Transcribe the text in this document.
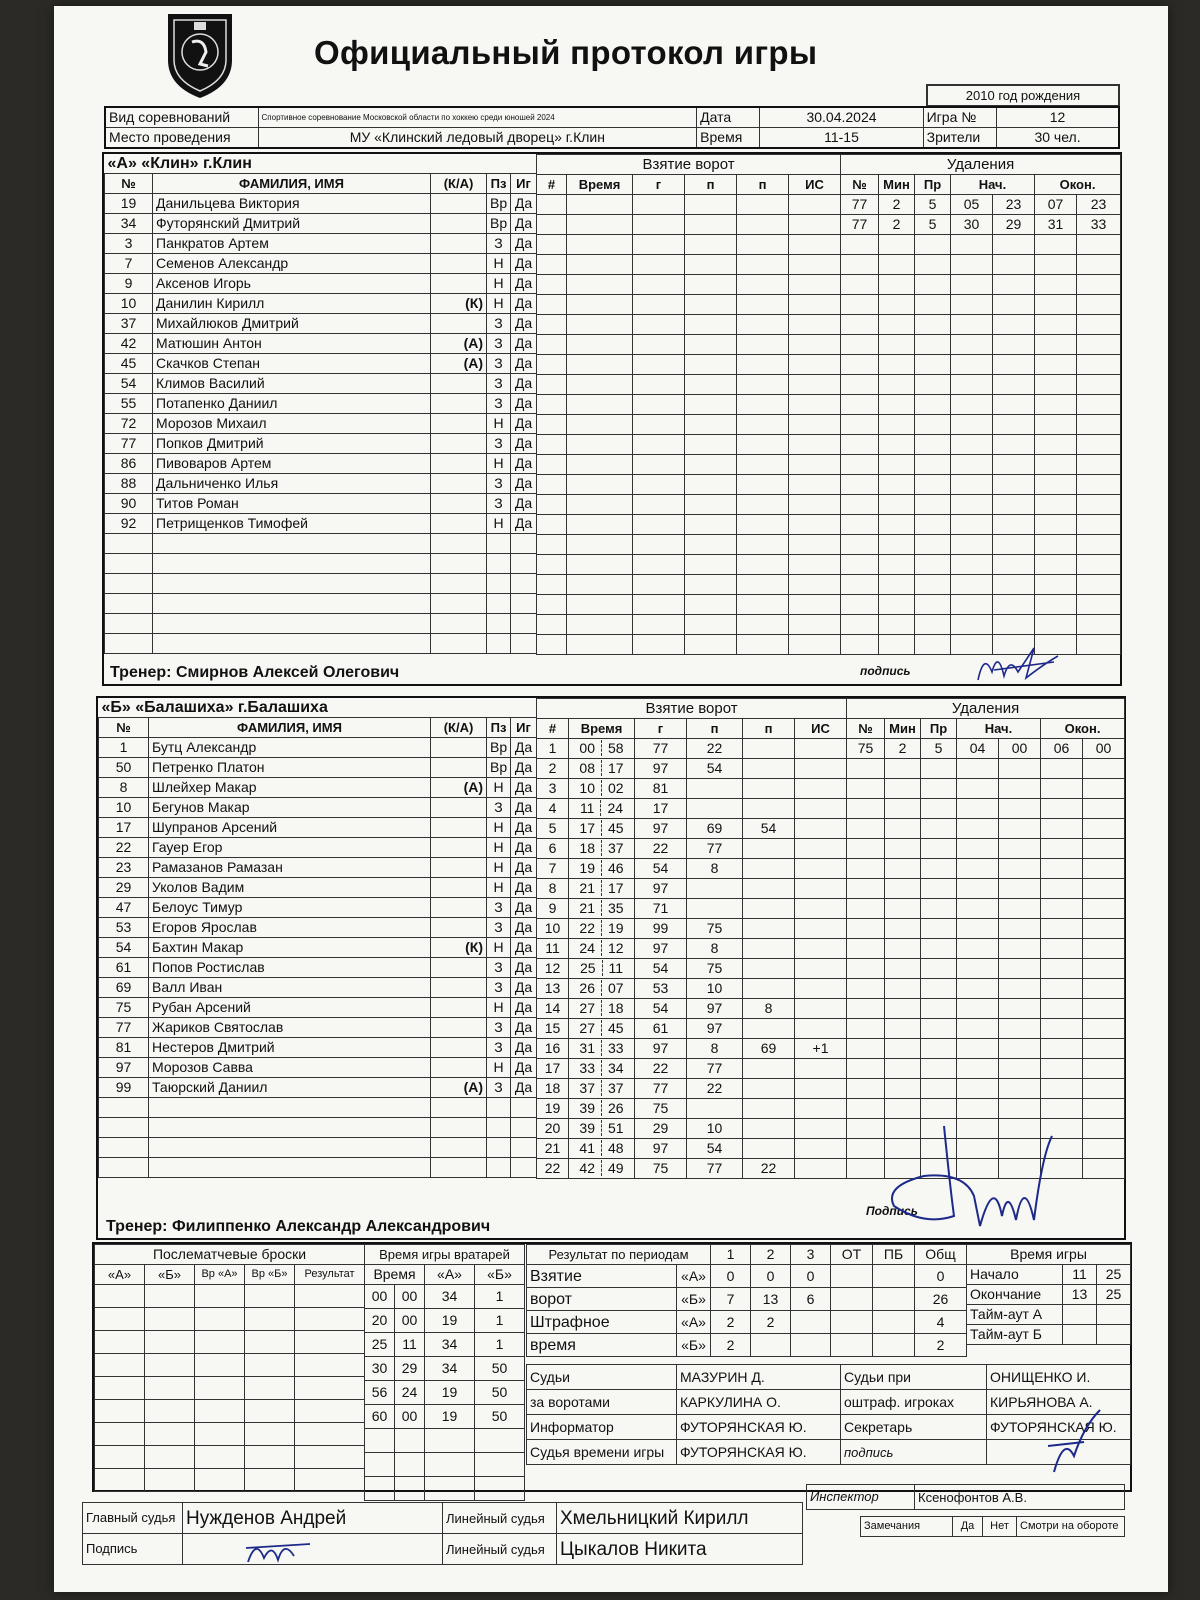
Официальный протокол игры
2010 год рождения
Вид соревнований	Спортивное соревнование Московской области по хоккею среди юношей 2024	Дата	30.04.2024	Игра №	12
Место проведения	МУ «Клинский ледовый дворец» г.Клин	Время	11-15	Зрители	30 чел.
«А» «Клин» г.Клин				
№	ФАМИЛИЯ, ИМЯ	(К/А)	Пз	Иг
19	Данильцева Виктория		Вр	Да
34	Футорянский Дмитрий		Вр	Да
3	Панкратов Артем		З	Да
7	Семенов Александр		Н	Да
9	Аксенов Игорь		Н	Да
10	Данилин Кирилл	(К)	Н	Да
37	Михайлюков Дмитрий		З	Да
42	Матюшин Антон	(А)	З	Да
45	Скачков Степан	(А)	З	Да
54	Климов Василий		З	Да
55	Потапенко Даниил		З	Да
72	Морозов Михаил		Н	Да
77	Попков Дмитрий		З	Да
86	Пивоваров Артем		Н	Да
88	Дальниченко Илья		З	Да
90	Титов Роман		З	Да
92	Петрищенков Тимофей		Н	Да

Взятие ворот					
#	Время	г	п	п	ИС

Удаления						
№	Мин	Пр	Нач.		Окон.	
77	2	5	05	23	07	23
77	2	5	30	29	31	33

Тренер: Смирнов Алексей Олегович	подпись
«Б» «Балашиха» г.Балашиха				
№	ФАМИЛИЯ, ИМЯ	(К/А)	Пз	Иг
1	Бутц Александр		Вр	Да
50	Петренко Платон		Вр	Да
8	Шлейхер Макар	(А)	Н	Да
10	Бегунов Макар		З	Да
17	Шупранов Арсений		Н	Да
22	Гауер Егор		Н	Да
23	Рамазанов Рамазан		Н	Да
29	Уколов Вадим		Н	Да
47	Белоус Тимур		З	Да
53	Егоров Ярослав		З	Да
54	Бахтин Макар	(К)	Н	Да
61	Попов Ростислав		З	Да
69	Валл Иван		З	Да
75	Рубан Арсений		Н	Да
77	Жариков Святослав		З	Да
81	Нестеров Дмитрий		З	Да
97	Морозов Савва		Н	Да
99	Таюрский Даниил	(А)	З	Да

Взятие ворот					
#	Время	г	п	п	ИС
1	00 58	77	22		
2	08 17	97	54		
3	10 02	81			
4	11 24	17			
5	17 45	97	69	54	
6	18 37	22	77		
7	19 46	54	8		
8	21 17	97			
9	21 35	71			
10	22 19	99	75		
11	24 12	97	8		
12	25 11	54	75		
13	26 07	53	10		
14	27 18	54	97	8	
15	27 45	61	97		
16	31 33	97	8	69	+1
17	33 34	22	77		
18	37 37	77	22		
19	39 26	75			
20	39 51	29	10		
21	41 48	97	54		
22	42 49	75	77	22	
Удаления						
№	Мин	Пр	Нач.		Окон.	
75	2	5	04	00	06	00

Тренер: Филиппенко Александр Александрович
Подпись
Послематчевые броски				
«А»	«Б»	Вр «А»	Вр «Б»	Результат

Время игры вратарей			
Время		«А»	«Б»
00	00	34	1
20	00	19	1
25	11	34	1
30	29	34	50
56	24	19	50
60	00	19	50

Результат по периодам		1	2	3	ОТ	ПБ	Общ
Взятие	«А»	0	0	0			0
ворот	«Б»	7	13	6			26
Штрафное	«А»	2	2				4
время	«Б»	2					2
Время игры		
Начало	11	25
Окончание	13	25
Тайм-аут А		
Тайм-аут Б		
Судьи	МАЗУРИН Д.	Судьи при	ОНИЩЕНКО И.
за воротами	КАРКУЛИНА О.	оштраф. игроках	КИРЬЯНОВА А.
Информатор	ФУТОРЯНСКАЯ Ю.	Секретарь	ФУТОРЯНСКАЯ Ю.
Судья времени игры	ФУТОРЯНСКАЯ Ю.	подпись	
Инспектор	Ксенофонтов А.В.
Замечания	Да	Нет	Смотри на обороте
Главный судья	Нужденов Андрей	Линейный судья	Хмельницкий Кирилл
Подпись		Линейный судья	Цыкалов Никита
